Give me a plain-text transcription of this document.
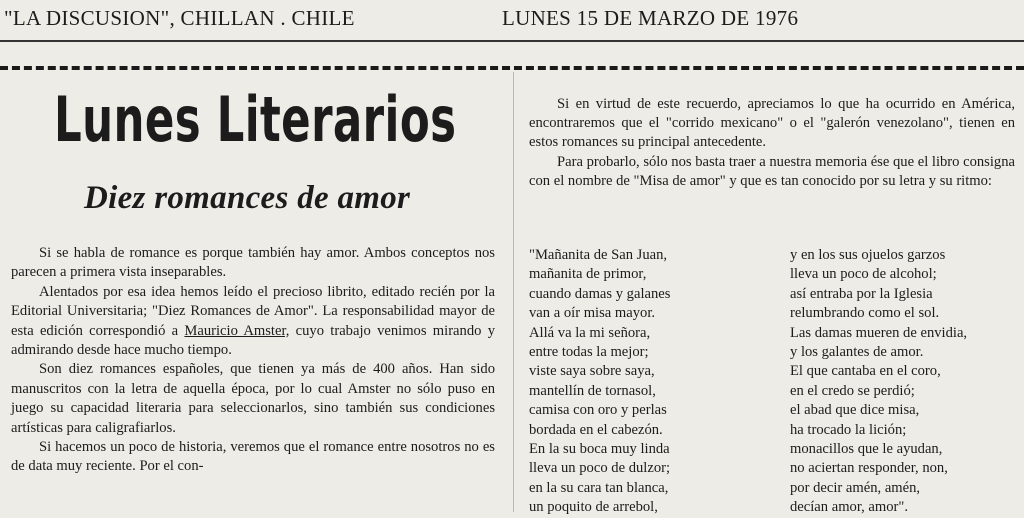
"LA DISCUSION", CHILLAN . CHILE	LUNES 15 DE MARZO DE 1976
Lunes Literarios
Diez romances de amor

Si se habla de romance es porque también hay amor. Ambos conceptos nos parecen a primera vista inseparables.

Alentados por esa idea hemos leído el precioso librito, editado recién por la Editorial Universitaria; "Diez Romances de Amor". La responsabilidad mayor de esta edición correspondió a Mauricio Amster, cuyo trabajo venimos mirando y admirando desde hace mucho tiempo.

Son diez romances españoles, que tienen ya más de 400 años. Han sido manuscritos con la letra de aquella época, por lo cual Amster no sólo puso en juego su capacidad literaria para seleccionarlos, sino también sus condiciones artísticas para caligrafiarlos.

Si hacemos un poco de historia, veremos que el romance entre nosotros no es de data muy reciente. Por el con-

Si en virtud de este recuerdo, apreciamos lo que ha ocurrido en América, encontraremos que el "corrido mexicano" o el "galerón venezolano", tienen en estos romances su principal antecedente.

Para probarlo, sólo nos basta traer a nuestra memoria ése que el libro consigna con el nombre de "Misa de amor" y que es tan conocido por su letra y su ritmo:

"Mañanita de San Juan,
mañanita de primor,
cuando damas y galanes
van a oír misa mayor.
Allá va la mi señora,
entre todas la mejor;
viste saya sobre saya,
mantellín de tornasol,
camisa con oro y perlas
bordada en el cabezón.
En la su boca muy linda
lleva un poco de dulzor;
en la su cara tan blanca,
un poquito de arrebol,
y en los sus ojuelos garzos
lleva un poco de alcohol;
así entraba por la Iglesia
relumbrando como el sol.
Las damas mueren de envidia,
y los galantes de amor.
El que cantaba en el coro,
en el credo se perdió;
el abad que dice misa,
ha trocado la lición;
monacillos que le ayudan,
no aciertan responder, non,
por decir amén, amén,
decían amor, amor".
